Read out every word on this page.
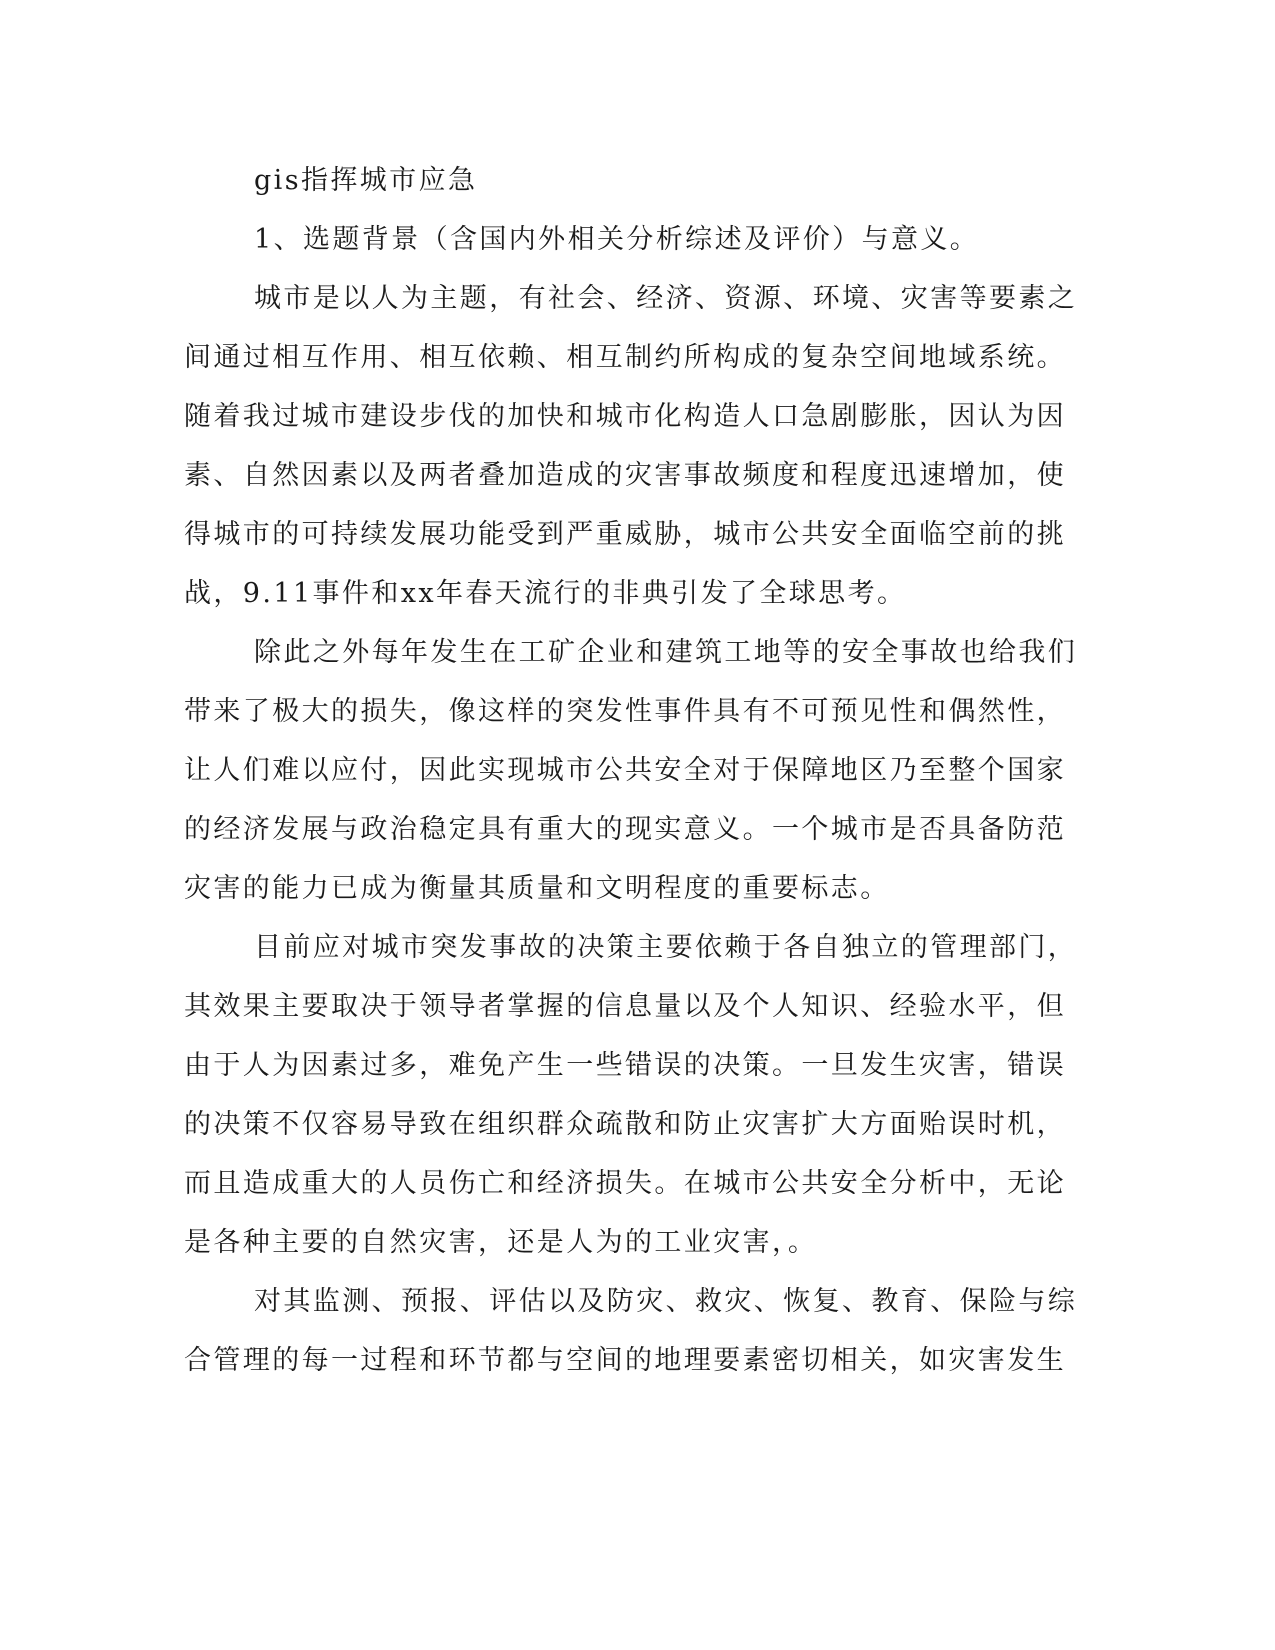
gis指挥城市应急
1、选题背景（含国内外相关分析综述及评价）与意义。
城市是以人为主题，有社会、经济、资源、环境、灾害等要素之
间通过相互作用、相互依赖、相互制约所构成的复杂空间地域系统。
随着我过城市建设步伐的加快和城市化构造人口急剧膨胀，因认为因
素、自然因素以及两者叠加造成的灾害事故频度和程度迅速增加，使
得城市的可持续发展功能受到严重威胁，城市公共安全面临空前的挑
战，9.11事件和xx年春天流行的非典引发了全球思考。
除此之外每年发生在工矿企业和建筑工地等的安全事故也给我们
带来了极大的损失，像这样的突发性事件具有不可预见性和偶然性，
让人们难以应付，因此实现城市公共安全对于保障地区乃至整个国家
的经济发展与政治稳定具有重大的现实意义。一个城市是否具备防范
灾害的能力已成为衡量其质量和文明程度的重要标志。
目前应对城市突发事故的决策主要依赖于各自独立的管理部门，
其效果主要取决于领导者掌握的信息量以及个人知识、经验水平，但
由于人为因素过多，难免产生一些错误的决策。一旦发生灾害，错误
的决策不仅容易导致在组织群众疏散和防止灾害扩大方面贻误时机，
而且造成重大的人员伤亡和经济损失。在城市公共安全分析中，无论
是各种主要的自然灾害，还是人为的工业灾害，。
对其监测、预报、评估以及防灾、救灾、恢复、教育、保险与综
合管理的每一过程和环节都与空间的地理要素密切相关，如灾害发生
